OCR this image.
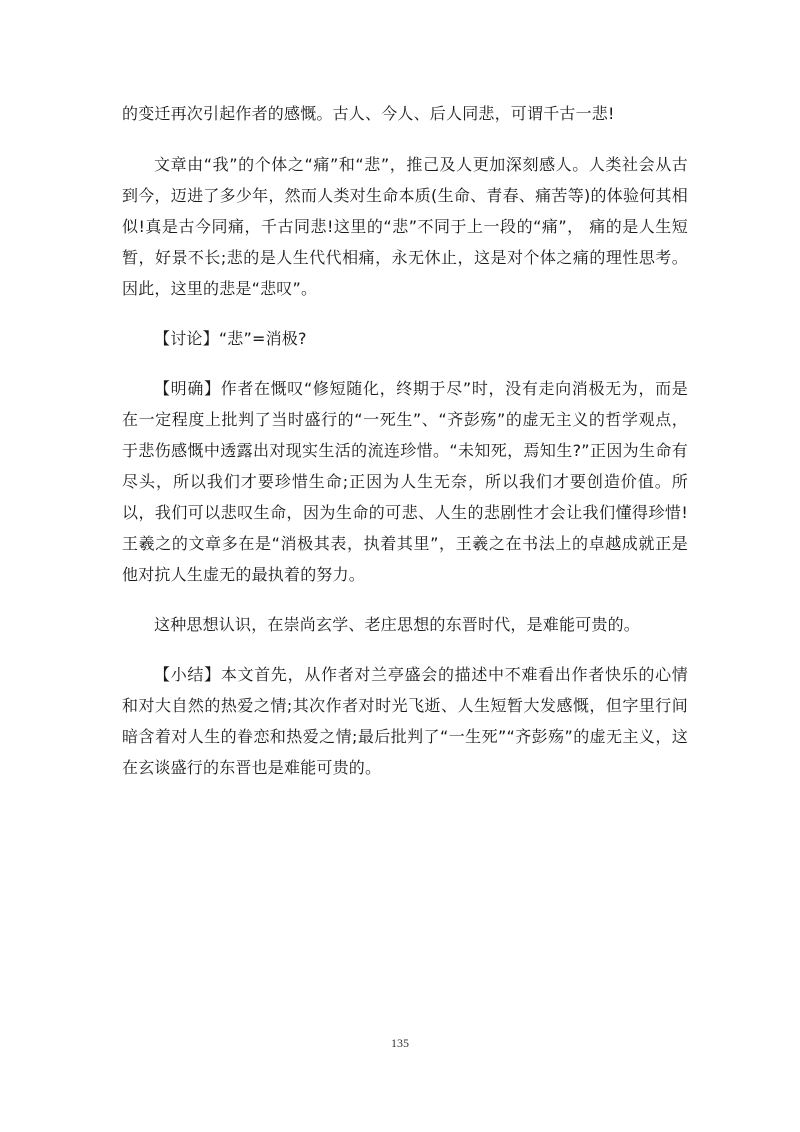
的变迁再次引起作者的感慨。古人、今人、后人同悲，可谓千古一悲!

文章由“我”的个体之“痛”和“悲”，推己及人更加深刻感人。人类社会从古到今，迈进了多少年，然而人类对生命本质(生命、青春、痛苦等)的体验何其相似!真是古今同痛，千古同悲!这里的“悲”不同于上一段的“痛”， 痛的是人生短暂，好景不长;悲的是人生代代相痛，永无休止，这是对个体之痛的理性思考。因此，这里的悲是“悲叹”。

【讨论】“悲”=消极?

【明确】作者在慨叹“修短随化，终期于尽”时，没有走向消极无为，而是在一定程度上批判了当时盛行的“一死生”、“齐彭殇”的虚无主义的哲学观点，于悲伤感慨中透露出对现实生活的流连珍惜。“未知死，焉知生?”正因为生命有尽头，所以我们才要珍惜生命;正因为人生无奈，所以我们才要创造价值。所以，我们可以悲叹生命，因为生命的可悲、人生的悲剧性才会让我们懂得珍惜!王羲之的文章多在是“消极其表，执着其里”，王羲之在书法上的卓越成就正是他对抗人生虚无的最执着的努力。

这种思想认识，在崇尚玄学、老庄思想的东晋时代，是难能可贵的。

【小结】本文首先，从作者对兰亭盛会的描述中不难看出作者快乐的心情和对大自然的热爱之情;其次作者对时光飞逝、人生短暂大发感慨，但字里行间暗含着对人生的眷恋和热爱之情;最后批判了“一生死”“齐彭殇”的虚无主义，这在玄谈盛行的东晋也是难能可贵的。

135
